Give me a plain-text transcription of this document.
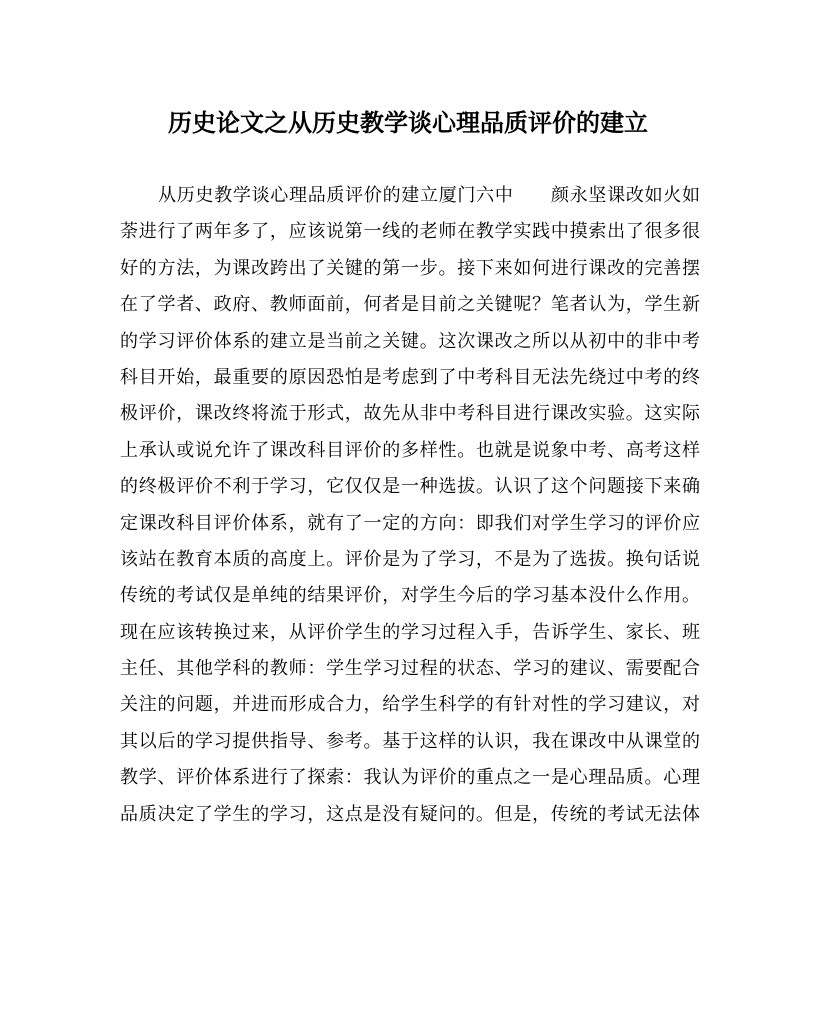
历史论文之从历史教学谈心理品质评价的建立
从历史教学谈心理品质评价的建立厦门六中　　颜永坚课改如火如
荼进行了两年多了，应该说第一线的老师在教学实践中摸索出了很多很
好的方法，为课改跨出了关键的第一步。接下来如何进行课改的完善摆
在了学者、政府、教师面前，何者是目前之关键呢？笔者认为，学生新
的学习评价体系的建立是当前之关键。这次课改之所以从初中的非中考
科目开始，最重要的原因恐怕是考虑到了中考科目无法先绕过中考的终
极评价，课改终将流于形式，故先从非中考科目进行课改实验。这实际
上承认或说允许了课改科目评价的多样性。也就是说象中考、高考这样
的终极评价不利于学习，它仅仅是一种选拔。认识了这个问题接下来确
定课改科目评价体系，就有了一定的方向：即我们对学生学习的评价应
该站在教育本质的高度上。评价是为了学习，不是为了选拔。换句话说
传统的考试仅是单纯的结果评价，对学生今后的学习基本没什么作用。
现在应该转换过来，从评价学生的学习过程入手，告诉学生、家长、班
主任、其他学科的教师：学生学习过程的状态、学习的建议、需要配合
关注的问题，并进而形成合力，给学生科学的有针对性的学习建议，对
其以后的学习提供指导、参考。基于这样的认识，我在课改中从课堂的
教学、评价体系进行了探索：我认为评价的重点之一是心理品质。心理
品质决定了学生的学习，这点是没有疑问的。但是，传统的考试无法体
